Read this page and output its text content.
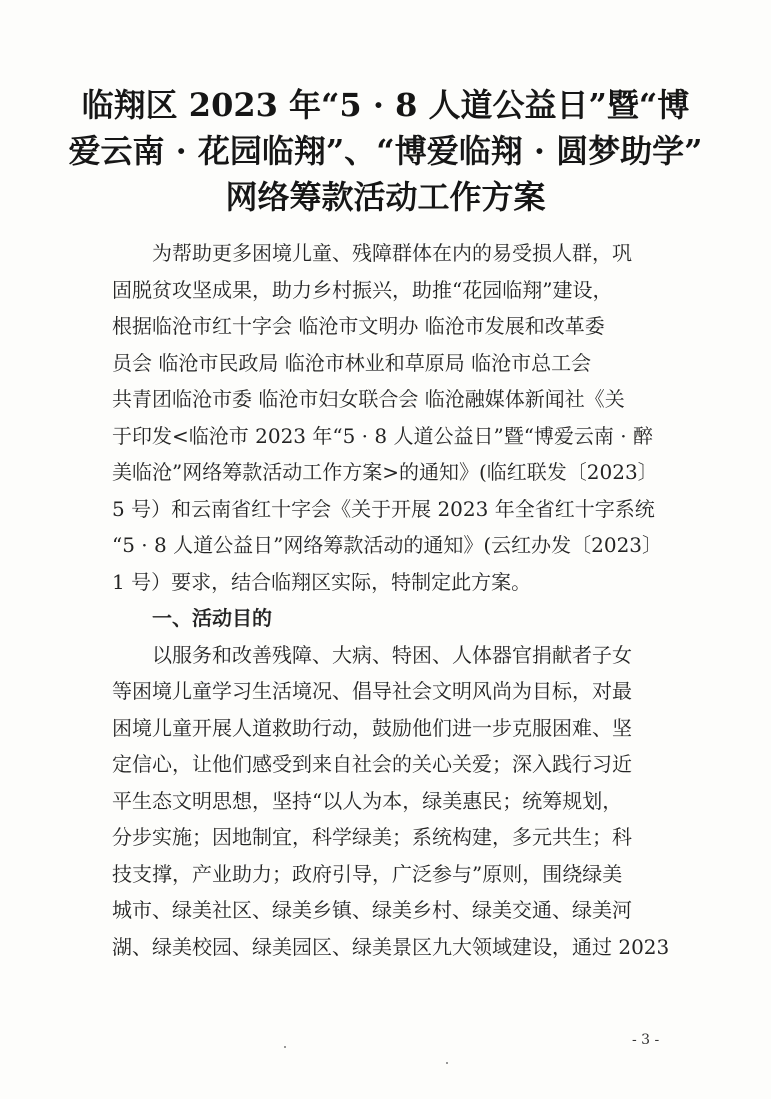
临翔区 2023 年“5 · 8 人道公益日”暨“博
爱云南 · 花园临翔”、“博爱临翔 · 圆梦助学”
网络筹款活动工作方案
为帮助更多困境儿童、残障群体在内的易受损人群，巩
固脱贫攻坚成果，助力乡村振兴，助推“花园临翔”建设，
根据临沧市红十字会 临沧市文明办 临沧市发展和改革委
员会 临沧市民政局 临沧市林业和草原局 临沧市总工会
共青团临沧市委 临沧市妇女联合会 临沧融媒体新闻社《关
于印发<临沧市 2023 年“5 · 8 人道公益日”暨“博爱云南 · 醉
美临沧”网络筹款活动工作方案>的通知》(临红联发〔2023〕
5 号）和云南省红十字会《关于开展 2023 年全省红十字系统
“5 · 8 人道公益日”网络筹款活动的通知》(云红办发〔2023〕
1 号）要求，结合临翔区实际，特制定此方案。
一、活动目的
以服务和改善残障、大病、特困、人体器官捐献者子女
等困境儿童学习生活境况、倡导社会文明风尚为目标，对最
困境儿童开展人道救助行动，鼓励他们进一步克服困难、坚
定信心，让他们感受到来自社会的关心关爱；深入践行习近
平生态文明思想，坚持“以人为本，绿美惠民；统筹规划，
分步实施；因地制宜，科学绿美；系统构建，多元共生；科
技支撑，产业助力；政府引导，广泛参与”原则，围绕绿美
城市、绿美社区、绿美乡镇、绿美乡村、绿美交通、绿美河
湖、绿美校园、绿美园区、绿美景区九大领域建设，通过 2023
- 3 -
